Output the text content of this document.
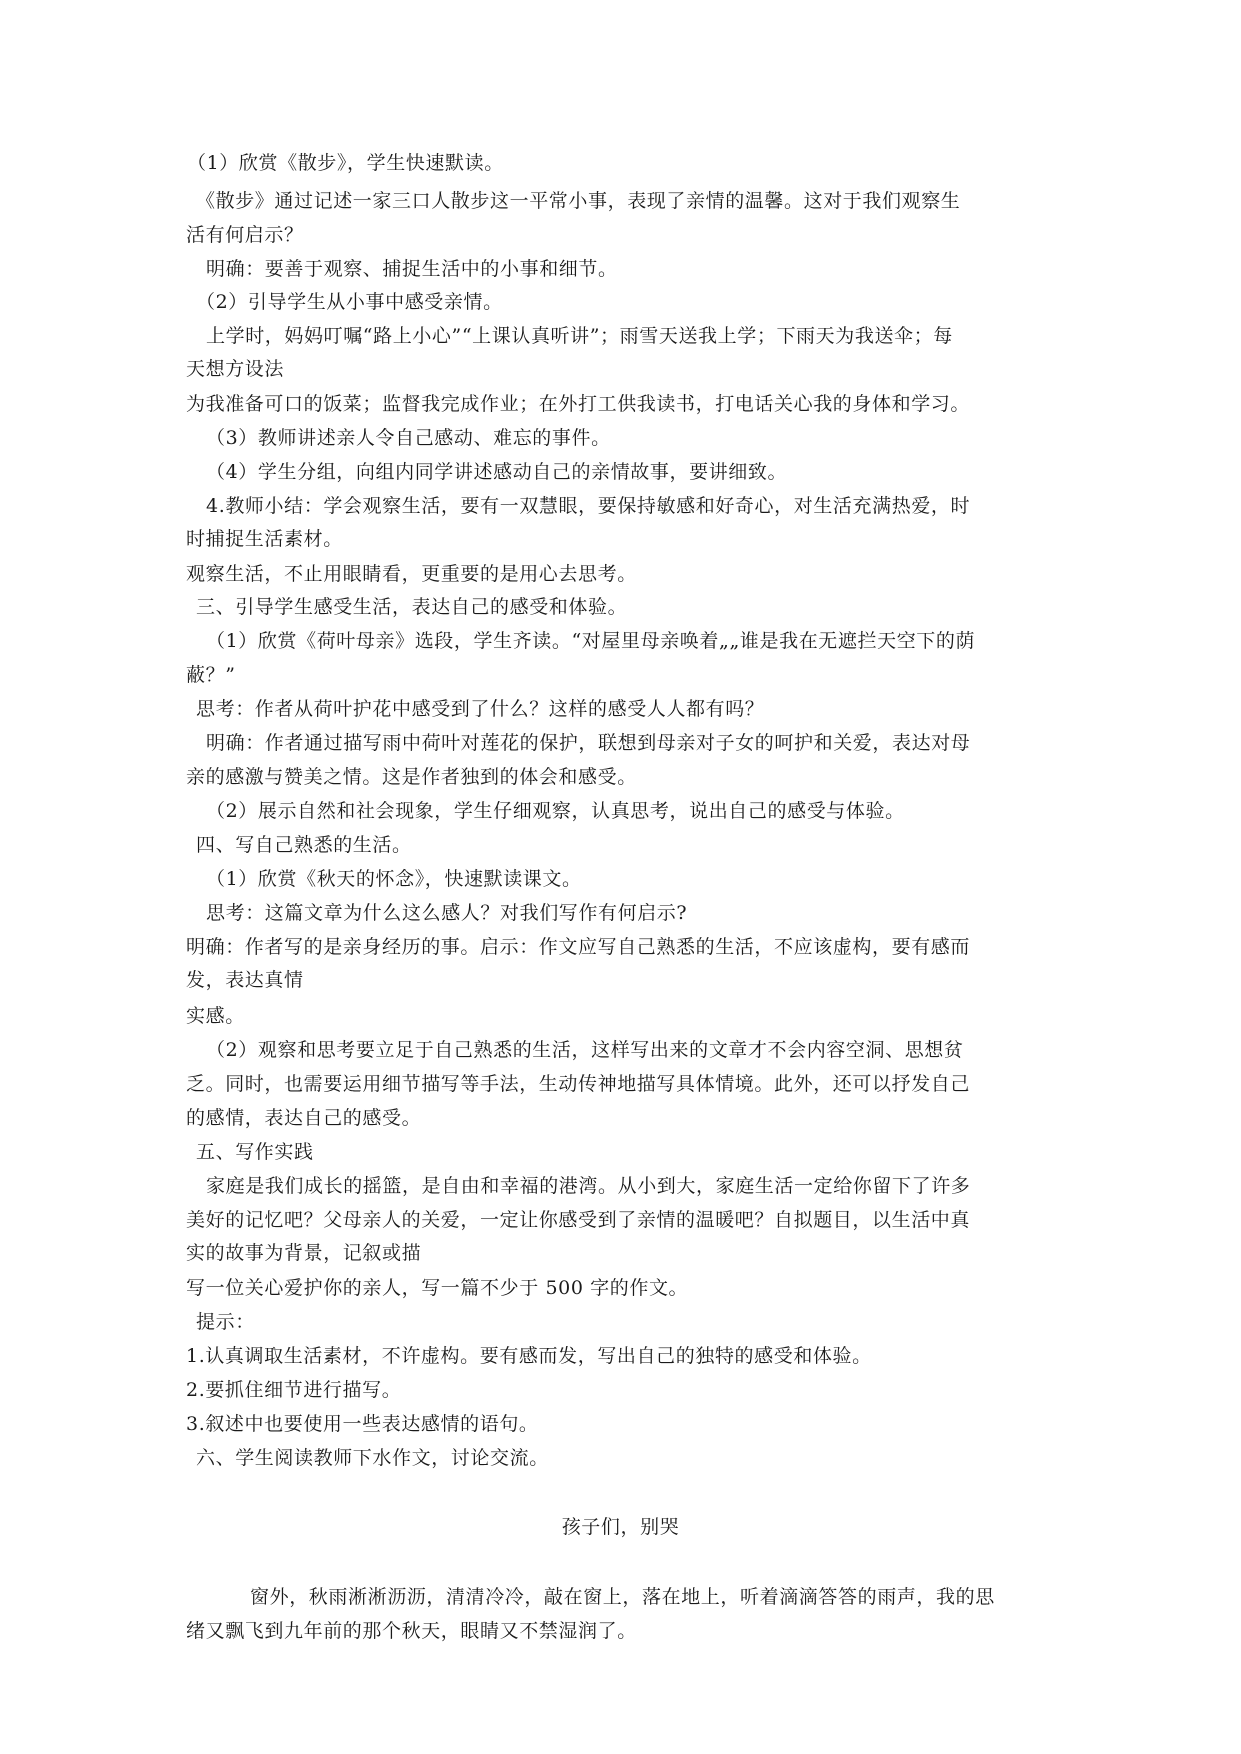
（1）欣赏《散步》，学生快速默读。
《散步》通过记述一家三口人散步这一平常小事，表现了亲情的温馨。这对于我们观察生
活有何启示？
明确：要善于观察、捕捉生活中的小事和细节。
（2）引导学生从小事中感受亲情。
上学时，妈妈叮嘱“路上小心”“上课认真听讲”；雨雪天送我上学；下雨天为我送伞；每
天想方设法
为我准备可口的饭菜；监督我完成作业；在外打工供我读书，打电话关心我的身体和学习。
（3）教师讲述亲人令自己感动、难忘的事件。
（4）学生分组，向组内同学讲述感动自己的亲情故事，要讲细致。
4.教师小结：学会观察生活，要有一双慧眼，要保持敏感和好奇心，对生活充满热爱，时
时捕捉生活素材。
观察生活，不止用眼睛看，更重要的是用心去思考。
三、引导学生感受生活，表达自己的感受和体验。
（1）欣赏《荷叶母亲》选段，学生齐读。“对屋里母亲唤着„„谁是我在无遮拦天空下的荫
蔽？”
思考：作者从荷叶护花中感受到了什么？这样的感受人人都有吗？
明确：作者通过描写雨中荷叶对莲花的保护，联想到母亲对子女的呵护和关爱，表达对母
亲的感激与赞美之情。这是作者独到的体会和感受。
（2）展示自然和社会现象，学生仔细观察，认真思考，说出自己的感受与体验。
四、写自己熟悉的生活。
（1）欣赏《秋天的怀念》，快速默读课文。
思考：这篇文章为什么这么感人？对我们写作有何启示?
明确：作者写的是亲身经历的事。启示：作文应写自己熟悉的生活，不应该虚构，要有感而
发，表达真情
实感。
（2）观察和思考要立足于自己熟悉的生活，这样写出来的文章才不会内容空洞、思想贫
乏。同时，也需要运用细节描写等手法，生动传神地描写具体情境。此外，还可以抒发自己
的感情，表达自己的感受。
五、写作实践
家庭是我们成长的摇篮，是自由和幸福的港湾。从小到大，家庭生活一定给你留下了许多
美好的记忆吧？父母亲人的关爱，一定让你感受到了亲情的温暖吧？自拟题目，以生活中真
实的故事为背景，记叙或描
写一位关心爱护你的亲人，写一篇不少于 500 字的作文。
提示：
1.认真调取生活素材，不许虚构。要有感而发，写出自己的独特的感受和体验。
2.要抓住细节进行描写。
3.叙述中也要使用一些表达感情的语句。
六、学生阅读教师下水作文，讨论交流。
孩子们，别哭
窗外，秋雨淅淅沥沥，清清冷冷，敲在窗上，落在地上，听着滴滴答答的雨声，我的思
绪又飘飞到九年前的那个秋天，眼睛又不禁湿润了。
